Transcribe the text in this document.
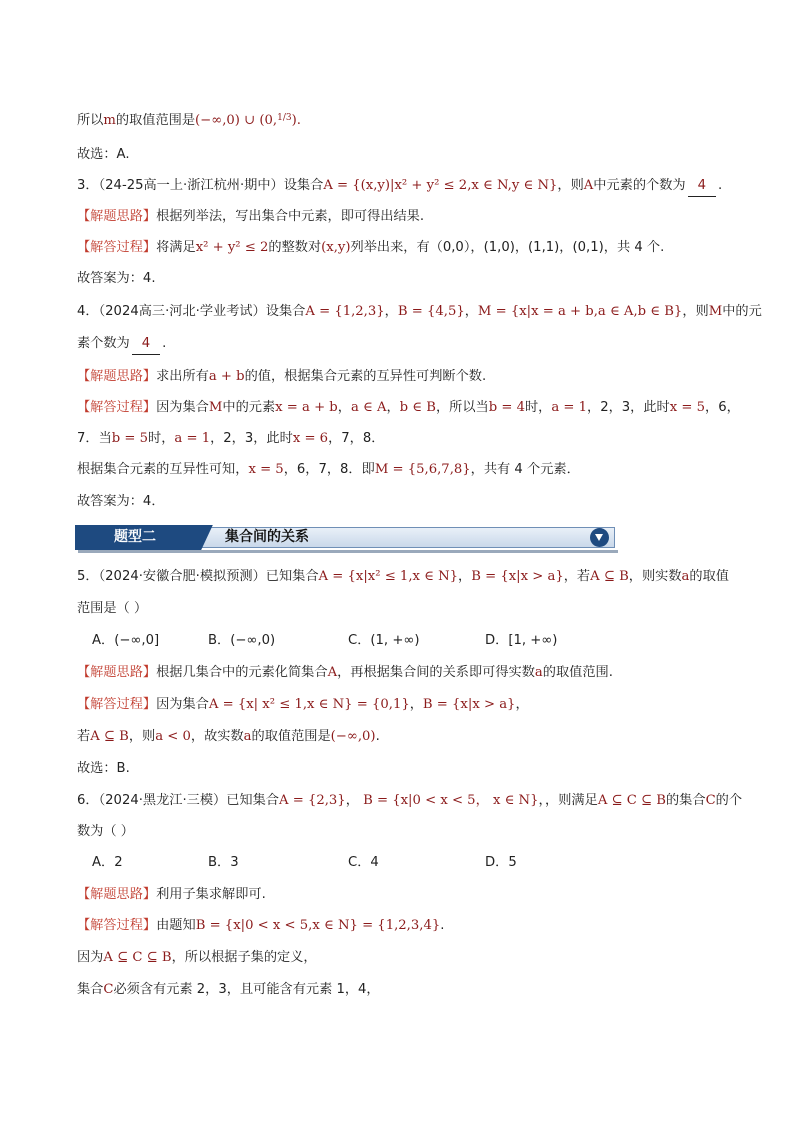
所以m的取值范围是(−∞,0) ∪ (0,$^{1/3}$).
故选：A.
3．（24-25高一上·浙江杭州·期中）设集合A = {(x,y)|x² + y² ≤ 2,x ∈ N,y ∈ N}，则A中元素的个数为 4 .
【解题思路】根据列举法，写出集合中元素，即可得出结果.
【解答过程】将满足x² + y² ≤ 2的整数对(x,y)列举出来，有（0,0），(1,0)，(1,1)，(0,1)，共 4 个.
故答案为：4.
4．（2024高三·河北·学业考试）设集合A = {1,2,3}，B = {4,5}，M = {x|x = a + b,a ∈ A,b ∈ B}，则M中的元
素个数为 4 .
【解题思路】求出所有a + b的值，根据集合元素的互异性可判断个数.
【解答过程】因为集合M中的元素x = a + b，a ∈ A，b ∈ B，所以当b = 4时，a = 1，2，3，此时x = 5，6，
7．当b = 5时，a = 1，2，3，此时x = 6，7，8．
根据集合元素的互异性可知，x = 5，6，7，8．即M = {5,6,7,8}，共有 4 个元素．
故答案为：4．
题型二	集合间的关系
5．（2024·安徽合肥·模拟预测）已知集合A = {x|x² ≤ 1,x ∈ N}，B = {x|x > a}，若A ⊆ B，则实数a的取值
范围是（ ）
A．(−∞,0]	B．(−∞,0)	C．(1, +∞)	D．[1, +∞)
【解题思路】根据几集合中的元素化简集合A，再根据集合间的关系即可得实数a的取值范围.
【解答过程】因为集合A = {x| x² ≤ 1,x ∈ N} = {0,1}，B = {x|x > a}，
若A ⊆ B，则a < 0，故实数a的取值范围是(−∞,0).
故选：B.
6．（2024·黑龙江·三模）已知集合A = {2,3}， B = {x|0 < x < 5， x ∈ N}，，则满足A ⊆ C ⊆ B的集合C的个
数为（ ）
A．2	B．3	C．4	D．5
【解题思路】利用子集求解即可.
【解答过程】由题知B = {x|0 < x < 5,x ∈ N} = {1,2,3,4}.
因为A ⊆ C ⊆ B，所以根据子集的定义，
集合C必须含有元素 2，3，且可能含有元素 1，4，
